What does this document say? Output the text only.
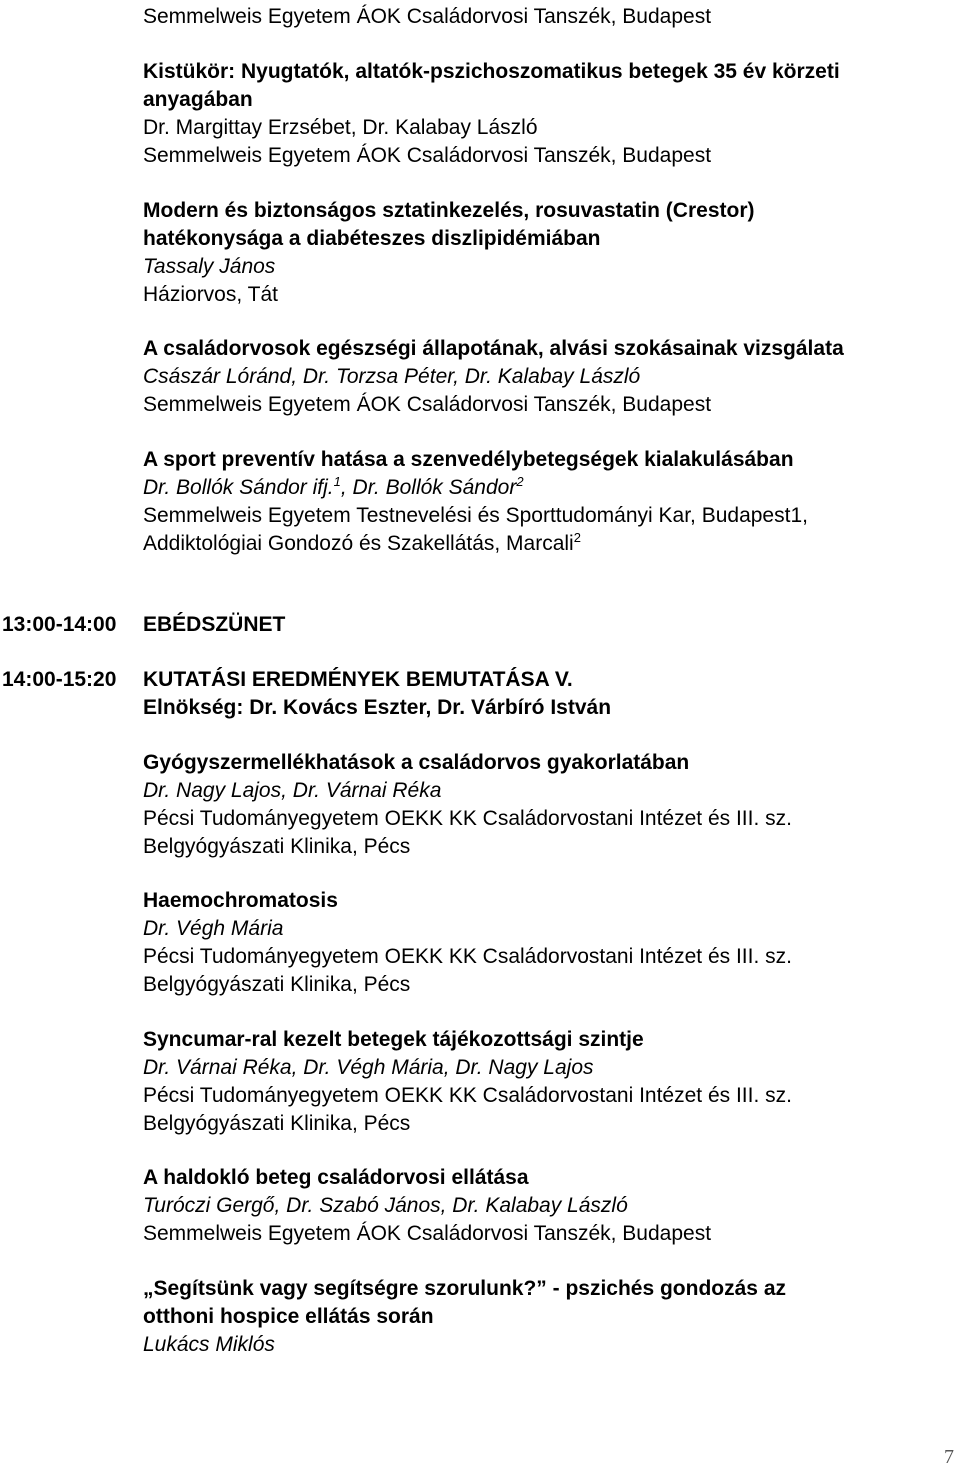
Semmelweis Egyetem ÁOK Családorvosi Tanszék, Budapest
Kistükör: Nyugtatók, altatók-pszichoszomatikus betegek 35 év körzeti
anyagában
Dr. Margittay Erzsébet, Dr. Kalabay László
Semmelweis Egyetem ÁOK Családorvosi Tanszék, Budapest
Modern és biztonságos sztatinkezelés, rosuvastatin (Crestor)
hatékonysága a diabéteszes diszlipidémiában
Tassaly János
Háziorvos, Tát
A családorvosok egészségi állapotának, alvási szokásainak vizsgálata
Császár Lóránd, Dr. Torzsa Péter, Dr. Kalabay László
Semmelweis Egyetem ÁOK Családorvosi Tanszék, Budapest
A sport preventív hatása a szenvedélybetegségek kialakulásában
Dr. Bollók Sándor ifj.$^1$, Dr. Bollók Sándor$^2$
Semmelweis Egyetem Testnevelési és Sporttudományi Kar, Budapest1,
Addiktológiai Gondozó és Szakellátás, Marcali$^2$
13:00-14:00 EBÉDSZÜNET
14:00-15:20 KUTATÁSI EREDMÉNYEK BEMUTATÁSA V.
Elnökség: Dr. Kovács Eszter, Dr. Várbíró István
Gyógyszermellékhatások a családorvos gyakorlatában
Dr. Nagy Lajos, Dr. Várnai Réka
Pécsi Tudományegyetem OEKK KK Családorvostani Intézet és III. sz.
Belgyógyászati Klinika, Pécs
Haemochromatosis
Dr. Végh Mária
Pécsi Tudományegyetem OEKK KK Családorvostani Intézet és III. sz.
Belgyógyászati Klinika, Pécs
Syncumar-ral kezelt betegek tájékozottsági szintje
Dr. Várnai Réka, Dr. Végh Mária, Dr. Nagy Lajos
Pécsi Tudományegyetem OEKK KK Családorvostani Intézet és III. sz.
Belgyógyászati Klinika, Pécs
A haldokló beteg családorvosi ellátása
Turóczi Gergő, Dr. Szabó János, Dr. Kalabay László
Semmelweis Egyetem ÁOK Családorvosi Tanszék, Budapest
„Segítsünk vagy segítségre szorulunk?” - pszichés gondozás az
otthoni hospice ellátás során
Lukács Miklós
7
